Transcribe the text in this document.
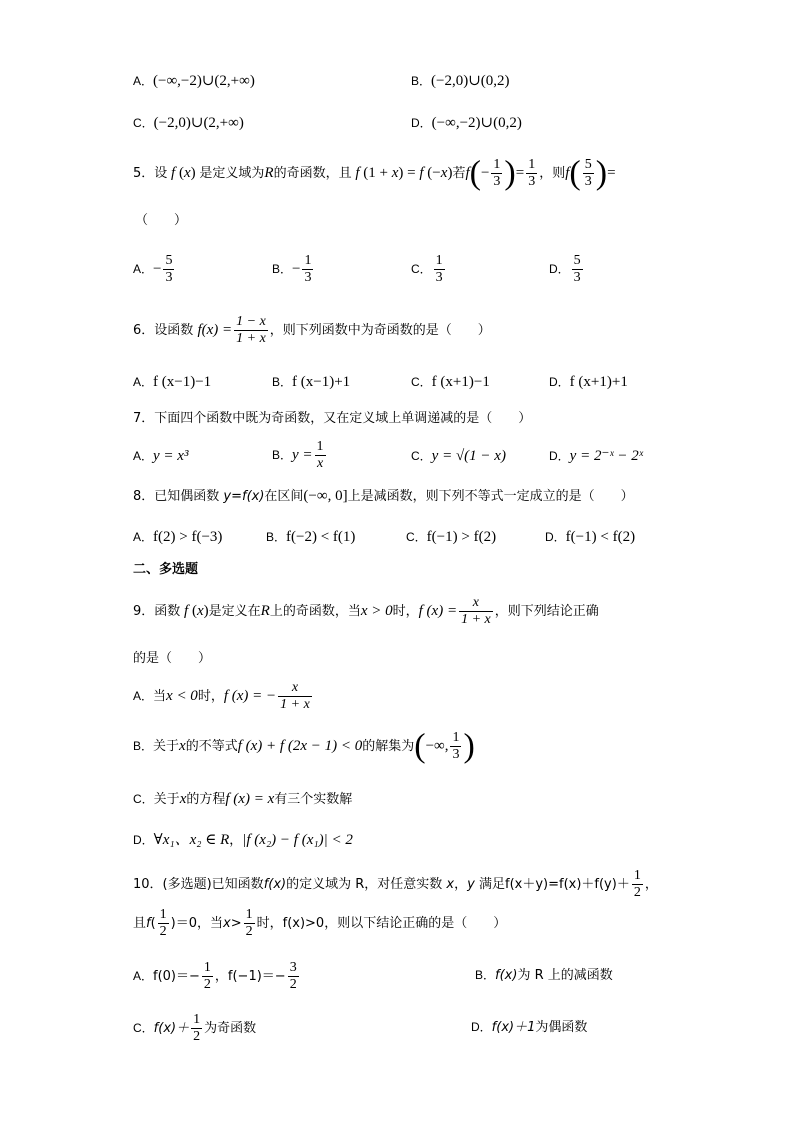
A．(−∞,−2)∪(2,+∞)	B．(−2,0)∪(0,2)
C．(−2,0)∪(2,+∞)	D．(−∞,−2)∪(0,2)
5．设 f (x) 是定义域为R的奇函数，且 f (1 + x) = f (−x)若$f(- \frac{1}{3}$ )= $\frac{1}{3}$ ，则$f( \frac{5}{3}$ )=
（　　）
A．− $\frac{5}{3}$	B．− $\frac{1}{3}$	C． $\frac{1}{3}$	D． $\frac{5}{3}$
6．设函数 $f(x) = \frac{1 - x}{1 + x}$ ，则下列函数中为奇函数的是（　　）
A．f (x−1)−1	B．f (x−1)+1	C．f (x+1)−1	D．f (x+1)+1
7．下面四个函数中既为奇函数，又在定义域上单调递减的是（　　）
A．y = x³	B．$y = \frac{1}{x}$	C．y = √(1 − x)	D．y = 2⁻ˣ − 2ˣ
8．已知偶函数 y=f(x)在区间(−∞, 0]上是减函数，则下列不等式一定成立的是（　　）
A．f(2) > f(−3)	B．f(−2) < f(1)	C．f(−1) > f(2)	D．f(−1) < f(2)
二、多选题
9．函数 f (x)是定义在R上的奇函数，当x > 0时，f $(x) = \frac{x}{1 + x}$ ，则下列结论正确
的是（　　）
A．当x < 0时，f (x) = − $\frac{x}{1 + x}$
B．关于x的不等式f (x) + f (2x − 1) < 0的解集为(−∞, $\frac{1}{3}$ )
C．关于x的方程f (x) = x有三个实数解
D．∀x₁、x₂ ∈ R，|f (x₂) − f (x₁)| < 2
10．(多选题)已知函数f(x)的定义域为 R，对任意实数 x，y 满足$f(x+y)=f(x)+f(y)+ \frac{1}{2}$ ，
且$f( \frac{1}{2} )=0$，当$x> \frac{1}{2}$ 时，f(x)>0，则以下结论正确的是（　　）
A．$f(0)=- \frac{1}{2}$ ，$f(-1)=- \frac{3}{2}$	B．f(x)为 R 上的减函数
C．$f(x)+ \frac{1}{2}$ 为奇函数	D．f(x)＋1为偶函数
